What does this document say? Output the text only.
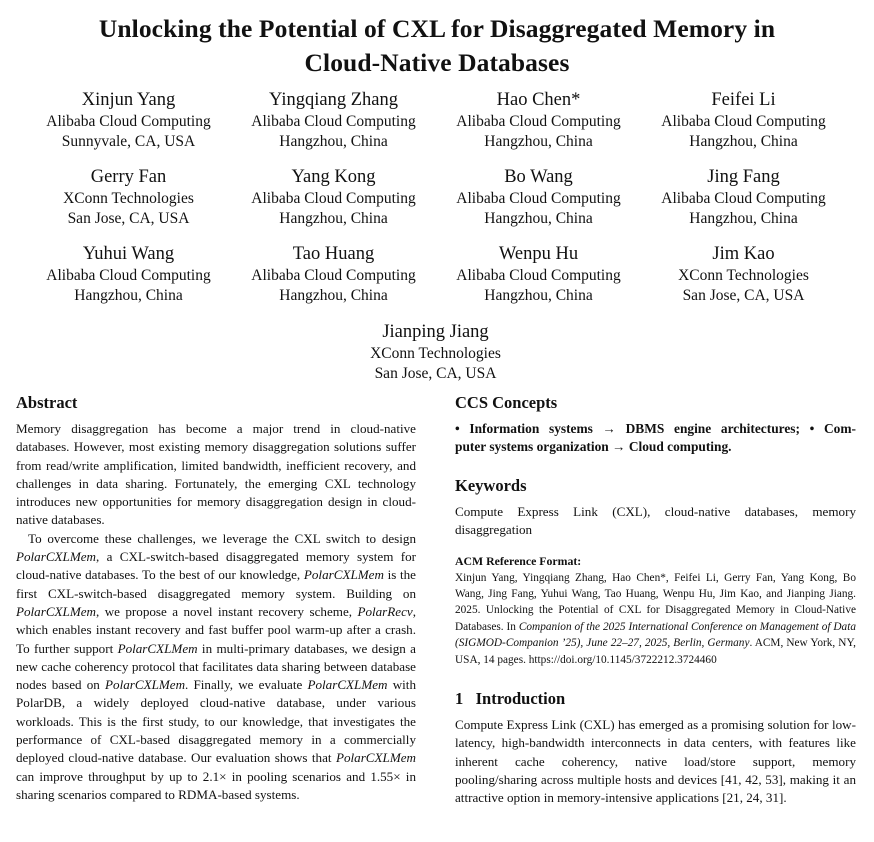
Unlocking the Potential of CXL for Disaggregated Memory in
Cloud-Native Databases
Xinjun Yang
Alibaba Cloud Computing
Sunnyvale, CA, USA
Yingqiang Zhang
Alibaba Cloud Computing
Hangzhou, China
Hao Chen*
Alibaba Cloud Computing
Hangzhou, China
Feifei Li
Alibaba Cloud Computing
Hangzhou, China
Gerry Fan
XConn Technologies
San Jose, CA, USA
Yang Kong
Alibaba Cloud Computing
Hangzhou, China
Bo Wang
Alibaba Cloud Computing
Hangzhou, China
Jing Fang
Alibaba Cloud Computing
Hangzhou, China
Yuhui Wang
Alibaba Cloud Computing
Hangzhou, China
Tao Huang
Alibaba Cloud Computing
Hangzhou, China
Wenpu Hu
Alibaba Cloud Computing
Hangzhou, China
Jim Kao
XConn Technologies
San Jose, CA, USA
Jianping Jiang
XConn Technologies
San Jose, CA, USA
Abstract

Memory disaggregation has become a major trend in cloud-native databases. However, most existing memory disaggregation solutions suffer from read/write amplification, limited bandwidth, inefficient recovery, and challenges in data sharing. Fortunately, the emerging CXL technology introduces new opportunities for memory disaggregation design in cloud-native databases.

To overcome these challenges, we leverage the CXL switch to design PolarCXLMem, a CXL-switch-based disaggregated memory system for cloud-native databases. To the best of our knowledge, PolarCXLMem is the first CXL-switch-based disaggregated memory system. Building on PolarCXLMem, we propose a novel instant recovery scheme, PolarRecv, which enables instant recovery and fast buffer pool warm-up after a crash. To further support PolarCXLMem in multi-primary databases, we design a new cache coherency protocol that facilitates data sharing between database nodes based on PolarCXLMem. Finally, we evaluate PolarCXLMem with PolarDB, a widely deployed cloud-native database, under various workloads. This is the first study, to our knowledge, that investigates the performance of CXL-based disaggregated memory in a commercially deployed cloud-native database. Our evaluation shows that PolarCXLMem can improve throughput by up to 2.1× in pooling scenarios and 1.55× in sharing scenarios compared to RDMA-based systems.

CCS Concepts
• Information systems → DBMS engine architectures; • Com-
puter systems organization → Cloud computing.
Keywords

Compute Express Link (CXL), cloud-native databases, memory disaggregation

ACM Reference Format:
Xinjun Yang, Yingqiang Zhang, Hao Chen*, Feifei Li, Gerry Fan, Yang Kong, Bo Wang, Jing Fang, Yuhui Wang, Tao Huang, Wenpu Hu, Jim Kao, and Jianping Jiang. 2025. Unlocking the Potential of CXL for Disaggregated Memory in Cloud-Native Databases. In Companion of the 2025 International Conference on Management of Data (SIGMOD-Companion ’25), June 22–27, 2025, Berlin, Germany. ACM, New York, NY, USA, 14 pages. https://doi.org/10.1145/3722212.3724460
1 Introduction

Compute Express Link (CXL) has emerged as a promising solution for low-latency, high-bandwidth interconnects in data centers, with features like inherent cache coherency, native load/store support, memory pooling/sharing across multiple hosts and devices [41, 42, 53], making it an attractive option in memory-intensive applications [21, 24, 31].
